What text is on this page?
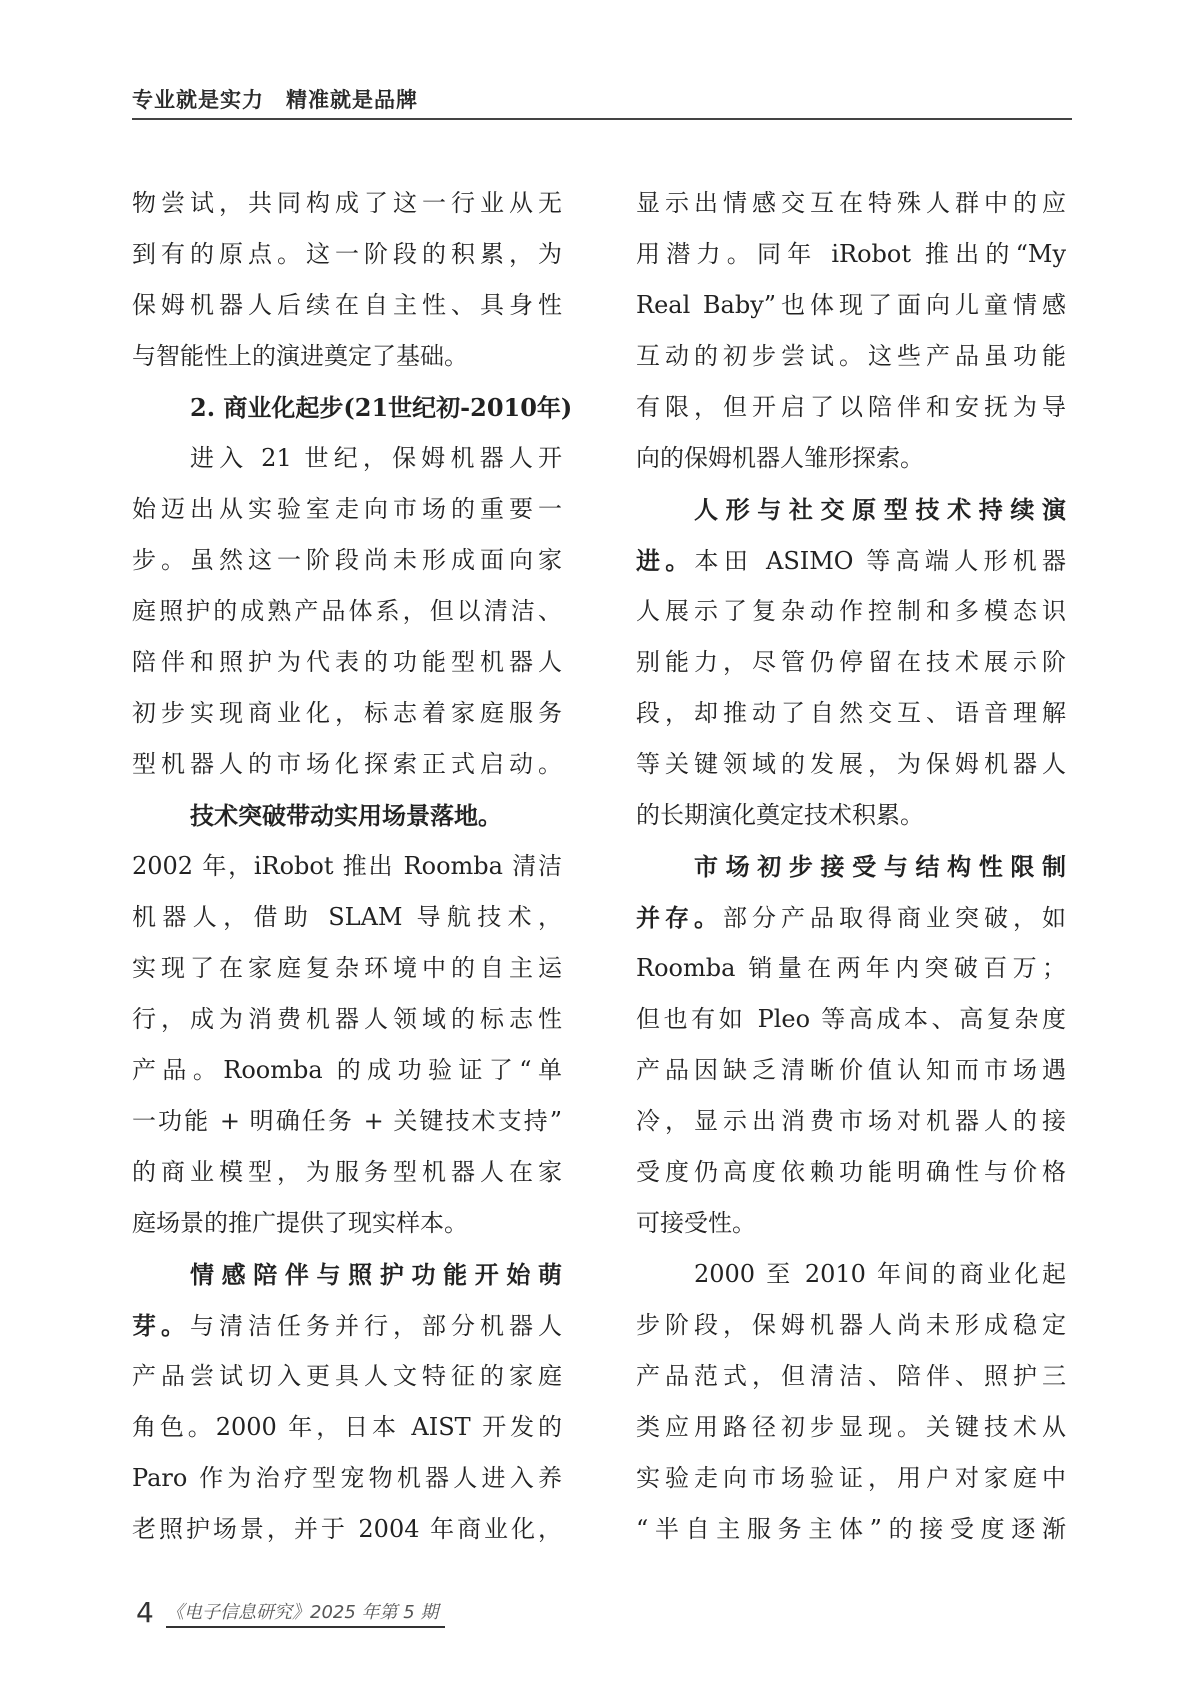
专业就是实力　精准就是品牌
物尝试，共同构成了这一行业从无
到有的原点。这一阶段的积累，为
保姆机器人后续在自主性、具身性
与智能性上的演进奠定了基础。
2. 商业化起步(21世纪初-2010年)
进入 21 世纪，保姆机器人开
始迈出从实验室走向市场的重要一
步。虽然这一阶段尚未形成面向家
庭照护的成熟产品体系，但以清洁、
陪伴和照护为代表的功能型机器人
初步实现商业化，标志着家庭服务
型机器人的市场化探索正式启动。
技术突破带动实用场景落地。
2002 年，iRobot 推出 Roomba 清洁
机器人，借助 SLAM 导航技术，
实现了在家庭复杂环境中的自主运
行，成为消费机器人领域的标志性
产品。Roomba 的成功验证了“单
一功能 + 明确任务 + 关键技术支持”
的商业模型，为服务型机器人在家
庭场景的推广提供了现实样本。
情感陪伴与照护功能开始萌
芽。与清洁任务并行，部分机器人
产品尝试切入更具人文特征的家庭
角色。2000 年，日本 AIST 开发的
Paro 作为治疗型宠物机器人进入养
老照护场景，并于 2004 年商业化，
显示出情感交互在特殊人群中的应
用潜力。同年 iRobot 推出的“My
Real Baby”也体现了面向儿童情感
互动的初步尝试。这些产品虽功能
有限，但开启了以陪伴和安抚为导
向的保姆机器人雏形探索。
人形与社交原型技术持续演
进。本田 ASIMO 等高端人形机器
人展示了复杂动作控制和多模态识
别能力，尽管仍停留在技术展示阶
段，却推动了自然交互、语音理解
等关键领域的发展，为保姆机器人
的长期演化奠定技术积累。
市场初步接受与结构性限制
并存。部分产品取得商业突破，如
Roomba 销量在两年内突破百万；
但也有如 Pleo 等高成本、高复杂度
产品因缺乏清晰价值认知而市场遇
冷，显示出消费市场对机器人的接
受度仍高度依赖功能明确性与价格
可接受性。
2000 至 2010 年间的商业化起
步阶段，保姆机器人尚未形成稳定
产品范式，但清洁、陪伴、照护三
类应用路径初步显现。关键技术从
实验走向市场验证，用户对家庭中
“半自主服务主体”的接受度逐渐
4 《电子信息研究》2025 年第 5 期
